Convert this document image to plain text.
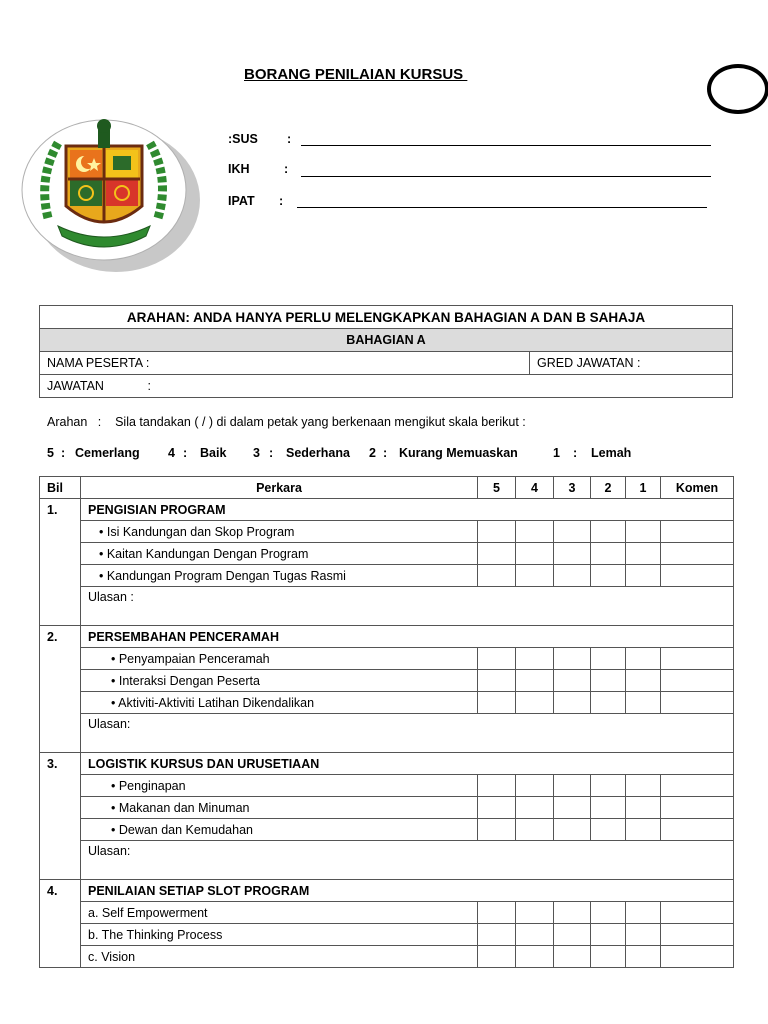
BORANG PENILAIAN KURSUS
:SUS :
IKH	:
IPAT :
ARAHAN: ANDA HANYA PERLU MELENGKAPKAN BAHAGIAN A DAN B SAHAJA
BAHAGIAN A
NAMA PESERTA :	GRED JAWATAN :
JAWATAN	:
Arahan   :    Sila tandakan ( / ) di dalam petak yang berkenaan mengikut skala berikut :
5 : Cemerlang 4 : Baik 3 : Sederhana 2 : Kurang Memuaskan	1 : Lemah
Bil	Perkara	5	4	3	2	1	Komen
1.	PENGISIAN PROGRAM						
	• Isi Kandungan dan Skop Program						
	• Kaitan Kandungan Dengan Program						
	• Kandungan Program Dengan Tugas Rasmi						
	Ulasan :						
2.	PERSEMBAHAN PENCERAMAH						
	• Penyampaian Penceramah						
	• Interaksi Dengan Peserta						
	• Aktiviti-Aktiviti Latihan Dikendalikan						
	Ulasan:						
3.	LOGISTIK KURSUS DAN URUSETIAAN						
	• Penginapan						
	• Makanan dan Minuman						
	• Dewan dan Kemudahan						
	Ulasan:						
4.	PENILAIAN SETIAP SLOT PROGRAM						
	a. Self Empowerment						
	b. The Thinking Process						
	c. Vision						
